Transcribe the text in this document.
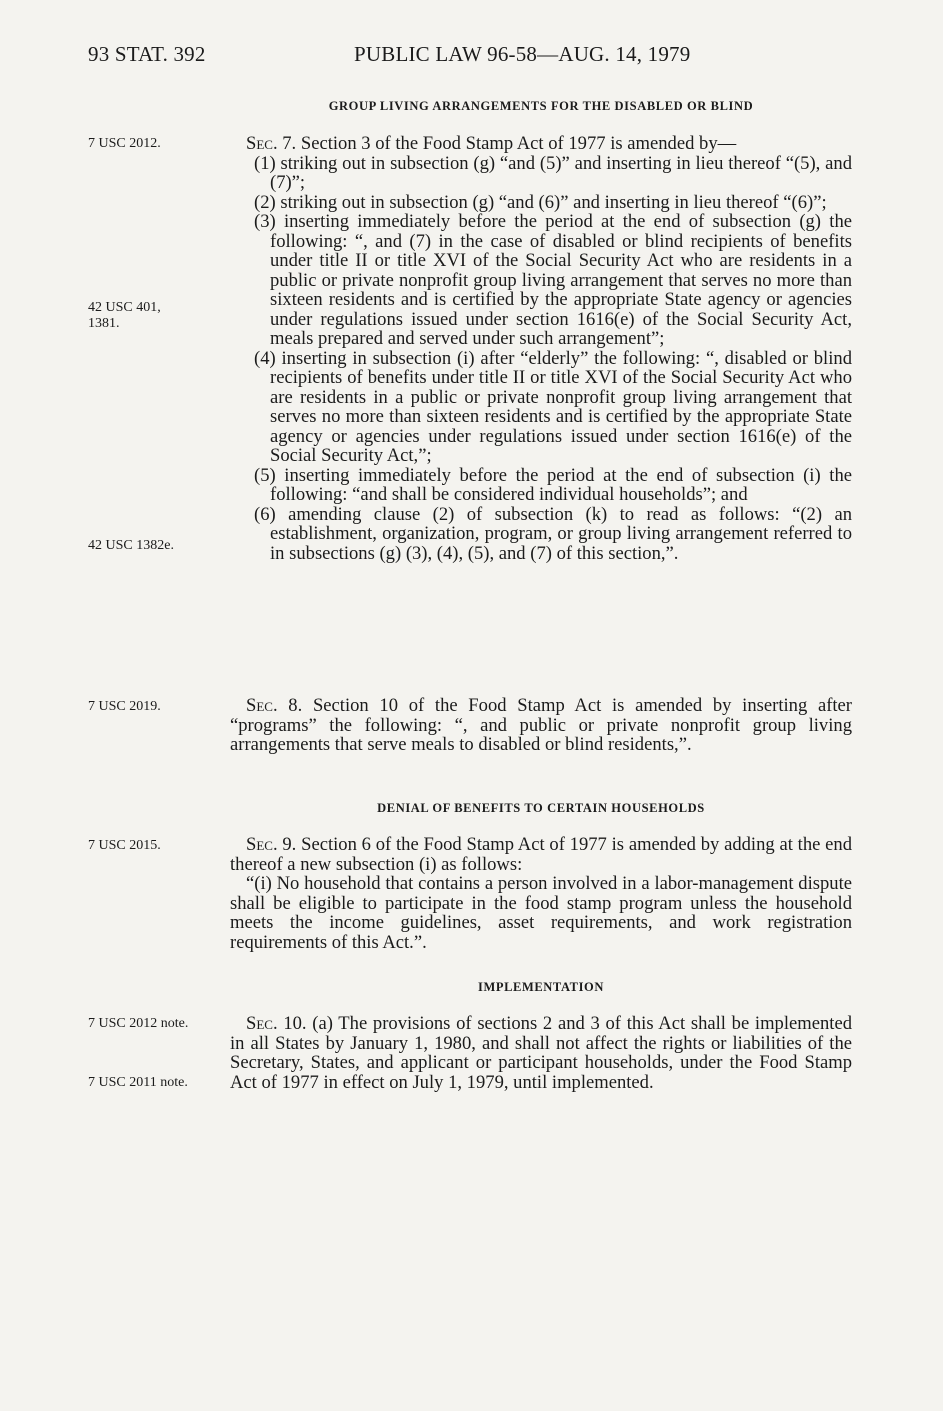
93 STAT. 392	PUBLIC LAW 96-58—AUG. 14, 1979
GROUP LIVING ARRANGEMENTS FOR THE DISABLED OR BLIND
7 USC 2012.
42 USC 401,
1381.
42 USC 1382e.

Sec. 7. Section 3 of the Food Stamp Act of 1977 is amended by—

(1) striking out in subsection (g) “and (5)” and inserting in lieu thereof “(5), and (7)”;

(2) striking out in subsection (g) “and (6)” and inserting in lieu thereof “(6)”;

(3) inserting immediately before the period at the end of subsection (g) the following: “, and (7) in the case of disabled or blind recipients of benefits under title II or title XVI of the Social Security Act who are residents in a public or private nonprofit group living arrangement that serves no more than sixteen residents and is certified by the appropriate State agency or agencies under regulations issued under section 1616(e) of the Social Security Act, meals prepared and served under such arrangement”;

(4) inserting in subsection (i) after “elderly” the following: “, disabled or blind recipients of benefits under title II or title XVI of the Social Security Act who are residents in a public or private nonprofit group living arrangement that serves no more than sixteen residents and is certified by the appropriate State agency or agencies under regulations issued under section 1616(e) of the Social Security Act,”;

(5) inserting immediately before the period at the end of subsection (i) the following: “and shall be considered individual households”; and

(6) amending clause (2) of subsection (k) to read as follows: “(2) an establishment, organization, program, or group living arrangement referred to in subsections (g) (3), (4), (5), and (7) of this section,”.

7 USC 2019.	Sec. 8. Section 10 of the Food Stamp Act is amended by inserting after “programs” the following: “, and public or private nonprofit group living arrangements that serve meals to disabled or blind residents,”.

DENIAL OF BENEFITS TO CERTAIN HOUSEHOLDS
7 USC 2015.	Sec. 9. Section 6 of the Food Stamp Act of 1977 is amended by adding at the end thereof a new subsection (i) as follows:

“(i) No household that contains a person involved in a labor-management dispute shall be eligible to participate in the food stamp program unless the household meets the income guidelines, asset requirements, and work registration requirements of this Act.”.

IMPLEMENTATION
7 USC 2012 note.
7 USC 2011 note.

Sec. 10. (a) The provisions of sections 2 and 3 of this Act shall be implemented in all States by January 1, 1980, and shall not affect the rights or liabilities of the Secretary, States, and applicant or participant households, under the Food Stamp Act of 1977 in effect on July 1, 1979, until implemented.
